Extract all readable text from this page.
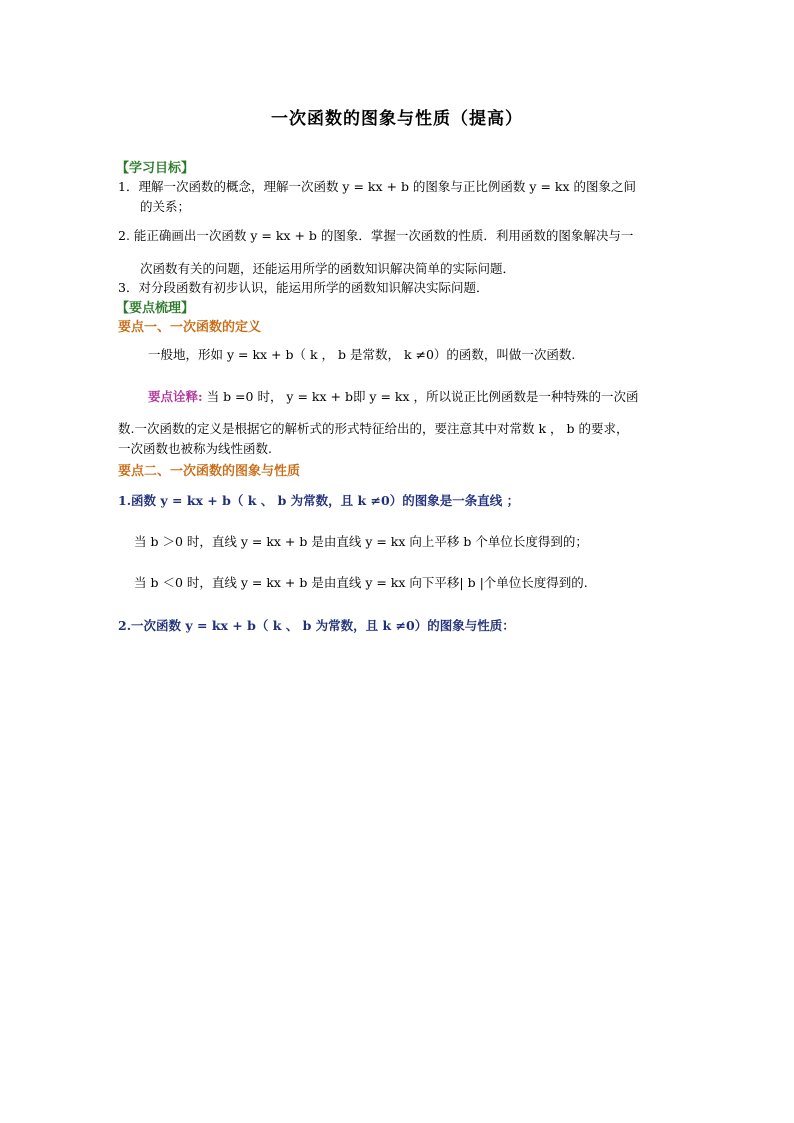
一次函数的图象与性质（提高）
【学习目标】
1．理解一次函数的概念，理解一次函数 y = kx + b 的图象与正比例函数 y = kx 的图象之间
的关系；
2. 能正确画出一次函数 y = kx + b 的图象．掌握一次函数的性质．利用函数的图象解决与一
次函数有关的问题，还能运用所学的函数知识解决简单的实际问题．
3．对分段函数有初步认识，能运用所学的函数知识解决实际问题．
【要点梳理】
要点一、一次函数的定义
一般地，形如 y = kx + b（ k ， b 是常数， k ≠0）的函数，叫做一次函数.
要点诠释: 当 b =0 时， y = kx + b即 y = kx ，所以说正比例函数是一种特殊的一次函
数.一次函数的定义是根据它的解析式的形式特征给出的，要注意其中对常数 k ， b 的要求，
一次函数也被称为线性函数.
要点二、一次函数的图象与性质
1.函数 y = kx + b（ k 、 b 为常数，且 k ≠0）的图象是一条直线 ；
当 b ＞0 时，直线 y = kx + b 是由直线 y = kx 向上平移 b 个单位长度得到的；
当 b ＜0 时，直线 y = kx + b 是由直线 y = kx 向下平移| b |个单位长度得到的.
2.一次函数 y = kx + b（ k 、 b 为常数，且 k ≠0）的图象与性质：
